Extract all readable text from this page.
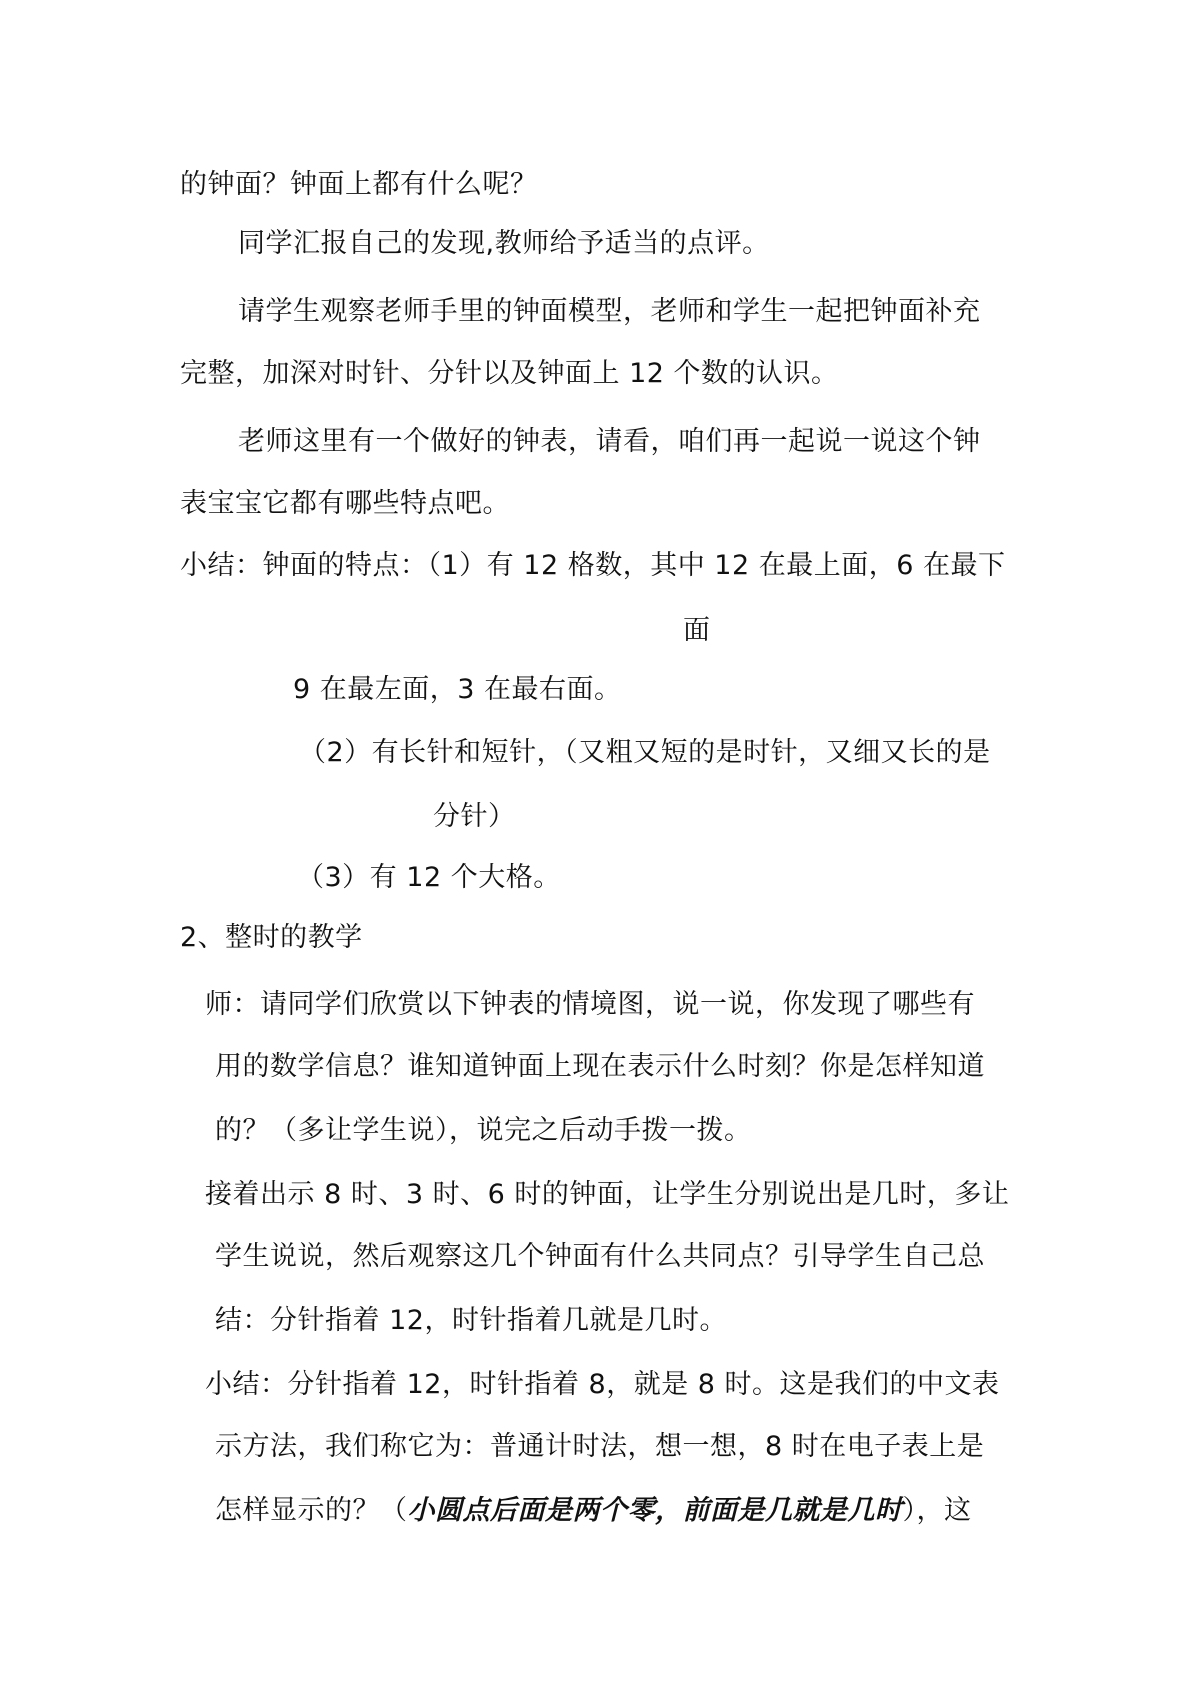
的钟面？钟面上都有什么呢？
同学汇报自己的发现,教师给予适当的点评。
请学生观察老师手里的钟面模型，老师和学生一起把钟面补充
完整，加深对时针、分针以及钟面上 12 个数的认识。
老师这里有一个做好的钟表，请看，咱们再一起说一说这个钟
表宝宝它都有哪些特点吧。
小结：钟面的特点：（1）有 12 格数，其中 12 在最上面，6 在最下
面
9 在最左面，3 在最右面。
（2）有长针和短针，（又粗又短的是时针，又细又长的是
分针）
（3）有 12 个大格。
2、整时的教学
师：请同学们欣赏以下钟表的情境图，说一说，你发现了哪些有
用的数学信息？谁知道钟面上现在表示什么时刻？你是怎样知道
的？（多让学生说），说完之后动手拨一拨。
接着出示 8 时、3 时、6 时的钟面，让学生分别说出是几时，多让
学生说说，然后观察这几个钟面有什么共同点？引导学生自己总
结：分针指着 12，时针指着几就是几时。
小结：分针指着 12，时针指着 8，就是 8 时。这是我们的中文表
示方法，我们称它为：普通计时法，想一想，8 时在电子表上是
怎样显示的？（小圆点后面是两个零，前面是几就是几时），这
